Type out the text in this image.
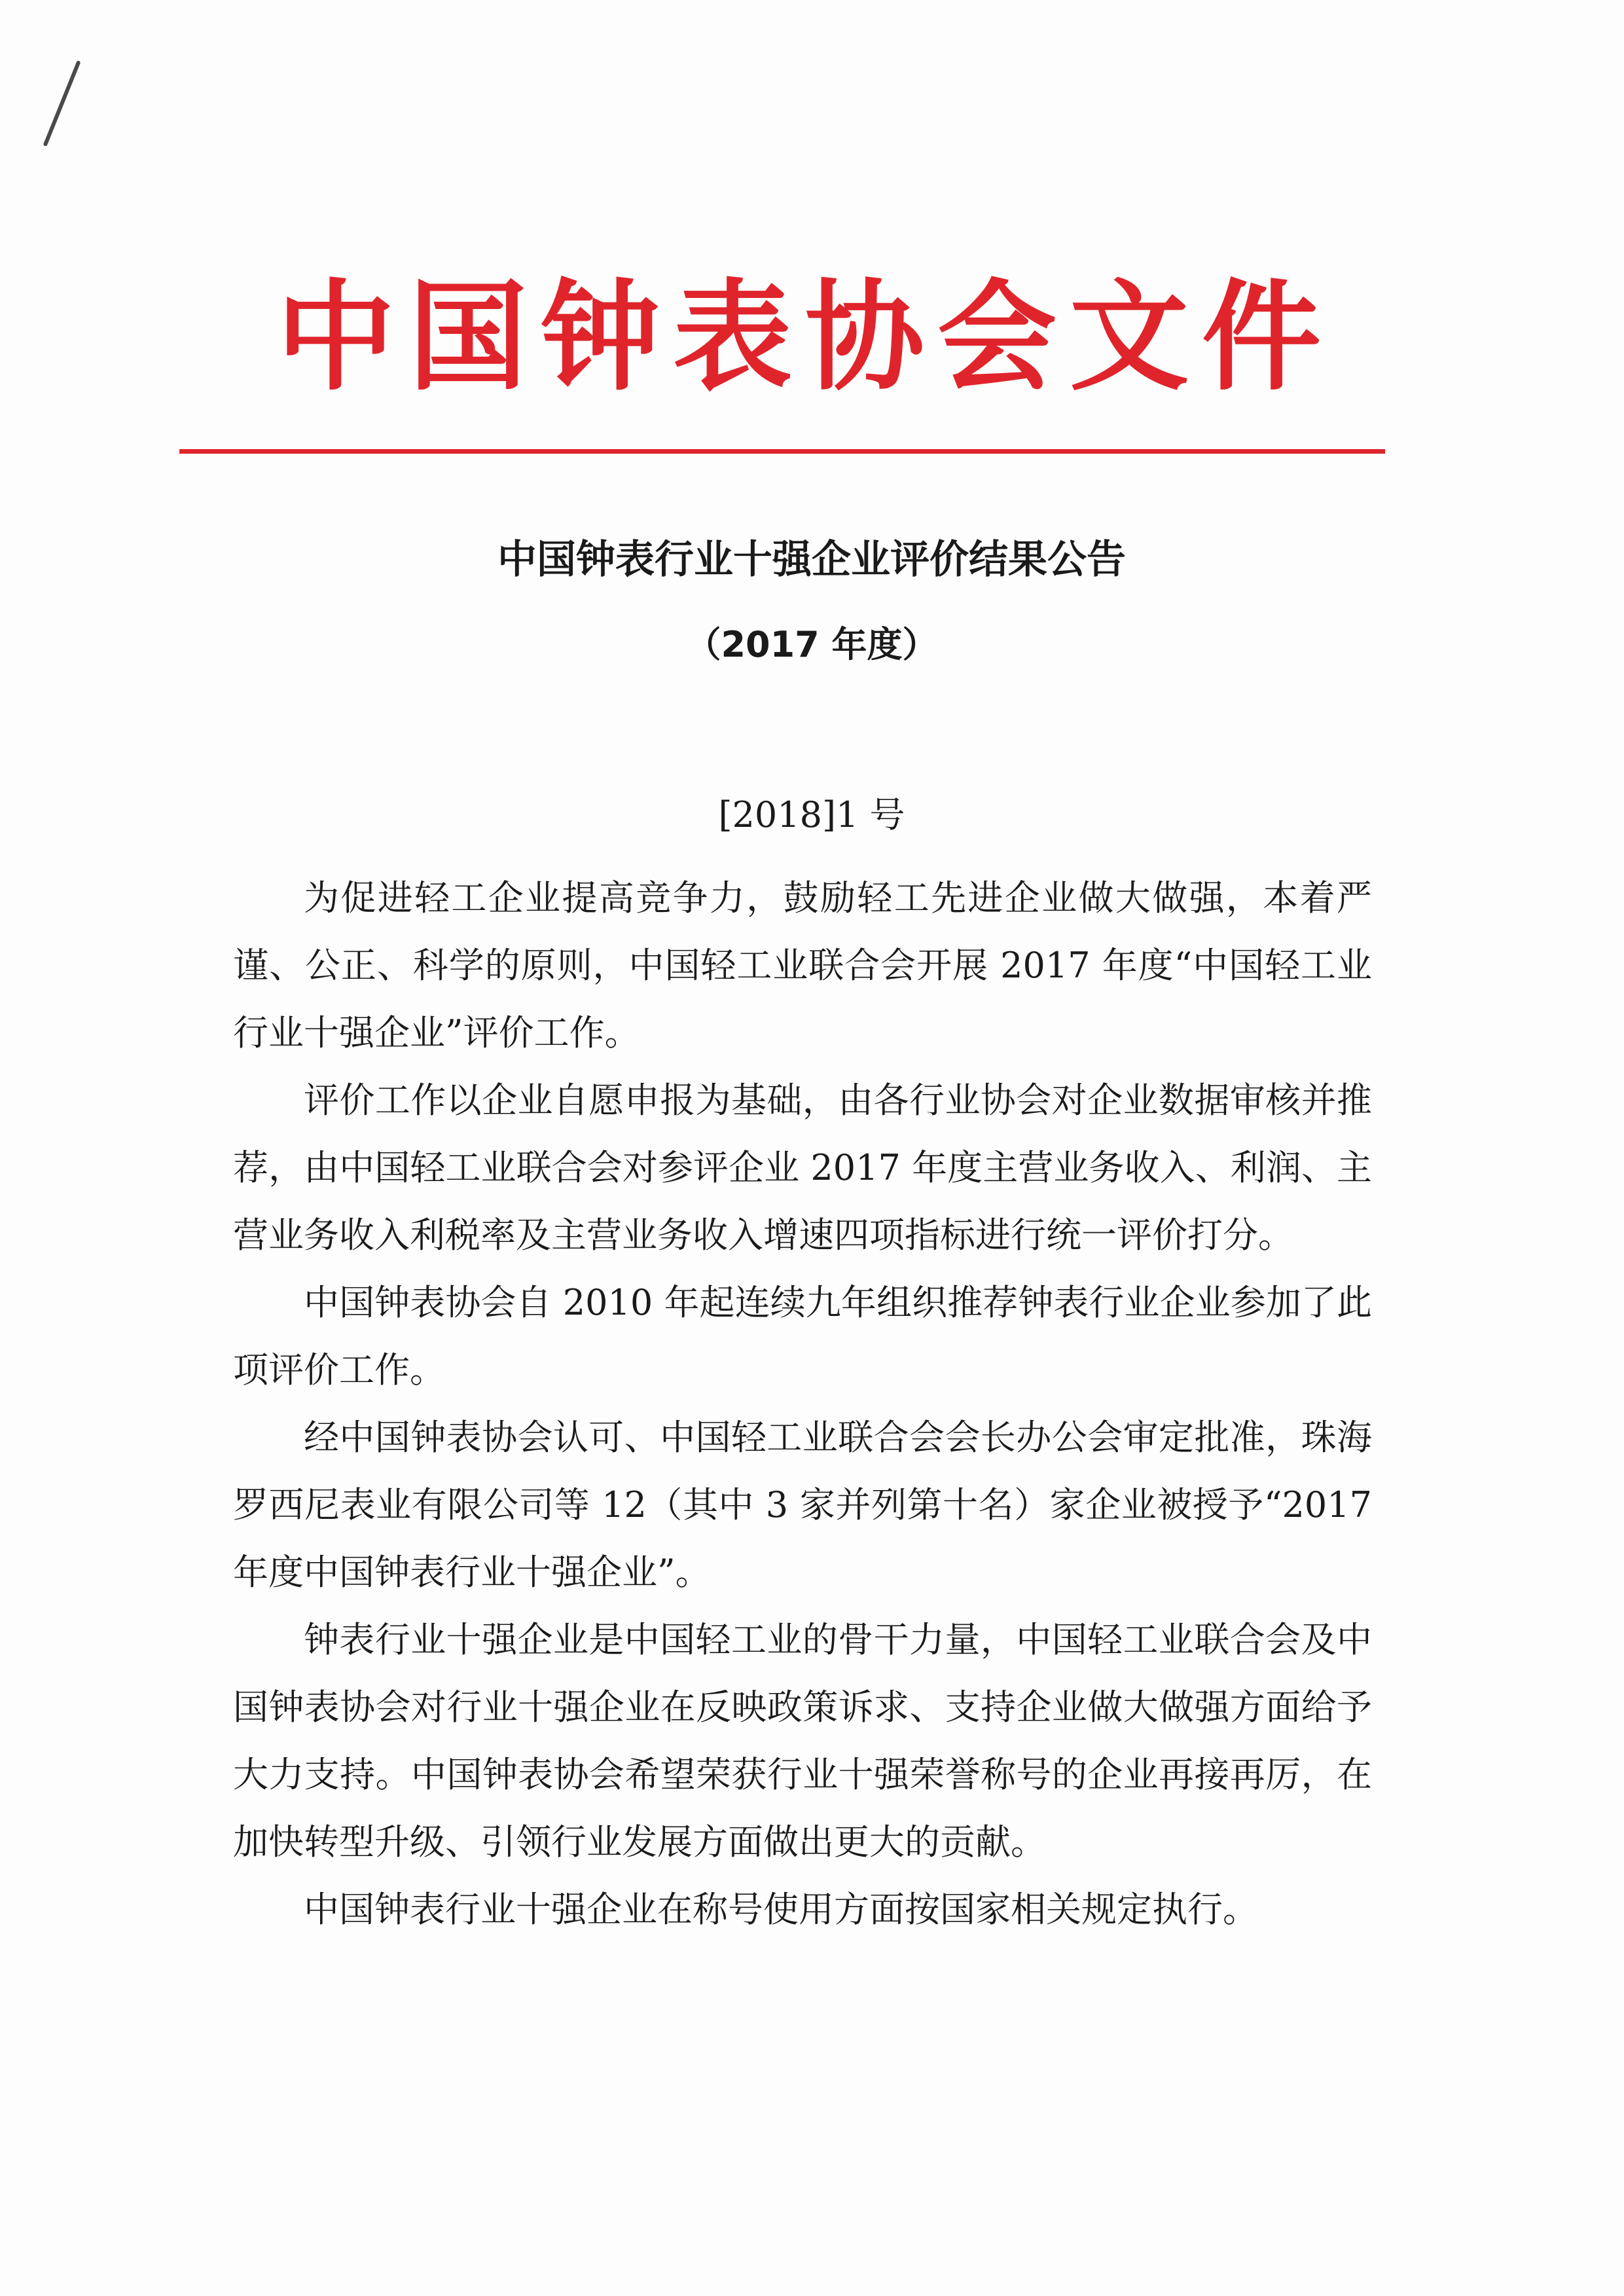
中国钟表协会文件
中国钟表行业十强企业评价结果公告
（2017 年度）
[2018]1 号

为促进轻工企业提高竞争力，鼓励轻工先进企业做大做强，本着严谨、公正、科学的原则，中国轻工业联合会开展 2017 年度“中国轻工业行业十强企业”评价工作。

评价工作以企业自愿申报为基础，由各行业协会对企业数据审核并推荐，由中国轻工业联合会对参评企业 2017 年度主营业务收入、利润、主营业务收入利税率及主营业务收入增速四项指标进行统一评价打分。

中国钟表协会自 2010 年起连续九年组织推荐钟表行业企业参加了此项评价工作。

经中国钟表协会认可、中国轻工业联合会会长办公会审定批准，珠海罗西尼表业有限公司等 12（其中 3 家并列第十名）家企业被授予“2017 年度中国钟表行业十强企业”。

钟表行业十强企业是中国轻工业的骨干力量，中国轻工业联合会及中国钟表协会对行业十强企业在反映政策诉求、支持企业做大做强方面给予大力支持。中国钟表协会希望荣获行业十强荣誉称号的企业再接再厉，在加快转型升级、引领行业发展方面做出更大的贡献。

中国钟表行业十强企业在称号使用方面按国家相关规定执行。
